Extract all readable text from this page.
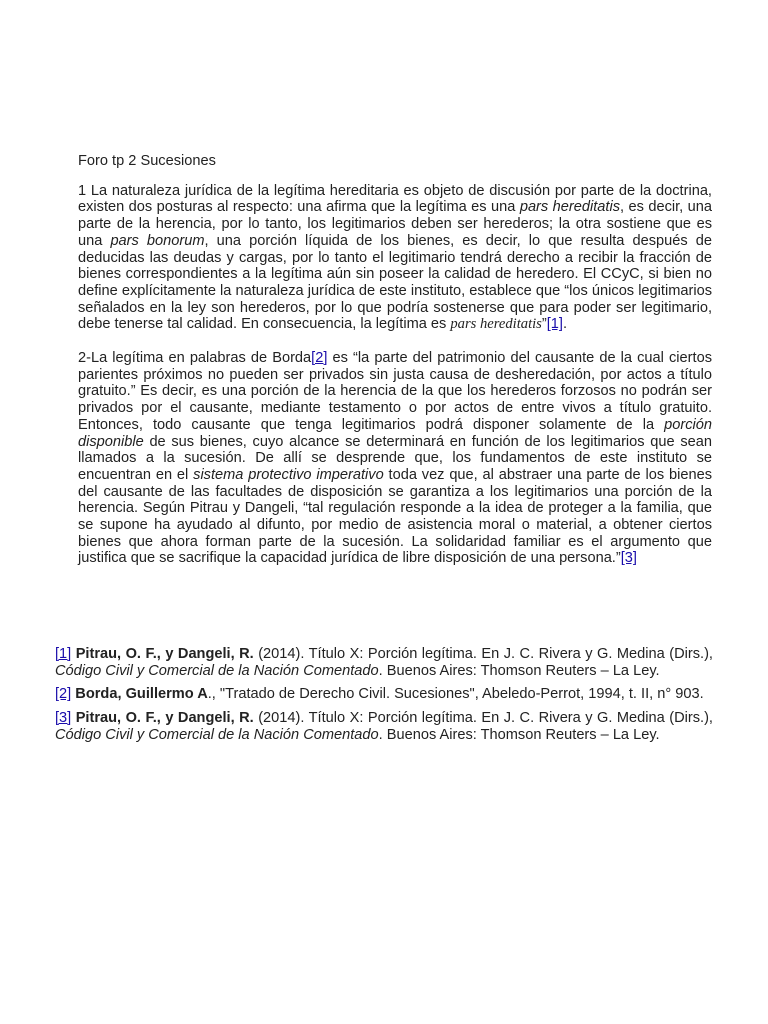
Foro tp 2 Sucesiones

1 La naturaleza jurídica de la legítima hereditaria es objeto de discusión por parte de la doctrina, existen dos posturas al respecto: una afirma que la legítima es una pars hereditatis, es decir, una parte de la herencia, por lo tanto, los legitimarios deben ser herederos; la otra sostiene que es una pars bonorum, una porción líquida de los bienes, es decir, lo que resulta después de deducidas las deudas y cargas, por lo tanto el legitimario tendrá derecho a recibir la fracción de bienes correspondientes a la legítima aún sin poseer la calidad de heredero. El CCyC, si bien no define explícitamente la naturaleza jurídica de este instituto, establece que “los únicos legitimarios señalados en la ley son herederos, por lo que podría sostenerse que para poder ser legitimario, debe tenerse tal calidad. En consecuencia, la legítima es pars hereditatis”[1].

2-La legítima en palabras de Borda[2] es “la parte del patrimonio del causante de la cual ciertos parientes próximos no pueden ser privados sin justa causa de desheredación, por actos a título gratuito.” Es decir, es una porción de la herencia de la que los herederos forzosos no podrán ser privados por el causante, mediante testamento o por actos de entre vivos a título gratuito. Entonces, todo causante que tenga legitimarios podrá disponer solamente de la porción disponible de sus bienes, cuyo alcance se determinará en función de los legitimarios que sean llamados a la sucesión. De allí se desprende que, los fundamentos de este instituto se encuentran en el sistema protectivo imperativo toda vez que, al abstraer una parte de los bienes del causante de las facultades de disposición se garantiza a los legitimarios una porción de la herencia. Según Pitrau y Dangeli, “tal regulación responde a la idea de proteger a la familia, que se supone ha ayudado al difunto, por medio de asistencia moral o material, a obtener ciertos bienes que ahora forman parte de la sucesión. La solidaridad familiar es el argumento que justifica que se sacrifique la capacidad jurídica de libre disposición de una persona.”[3]

[1] Pitrau, O. F., y Dangeli, R. (2014). Título X: Porción legítima. En J. C. Rivera y G. Medina (Dirs.), Código Civil y Comercial de la Nación Comentado. Buenos Aires: Thomson Reuters – La Ley.

[2] Borda, Guillermo A., "Tratado de Derecho Civil. Sucesiones", Abeledo-Perrot, 1994, t. II, n° 903.

[3] Pitrau, O. F., y Dangeli, R. (2014). Título X: Porción legítima. En J. C. Rivera y G. Medina (Dirs.), Código Civil y Comercial de la Nación Comentado. Buenos Aires: Thomson Reuters – La Ley.
